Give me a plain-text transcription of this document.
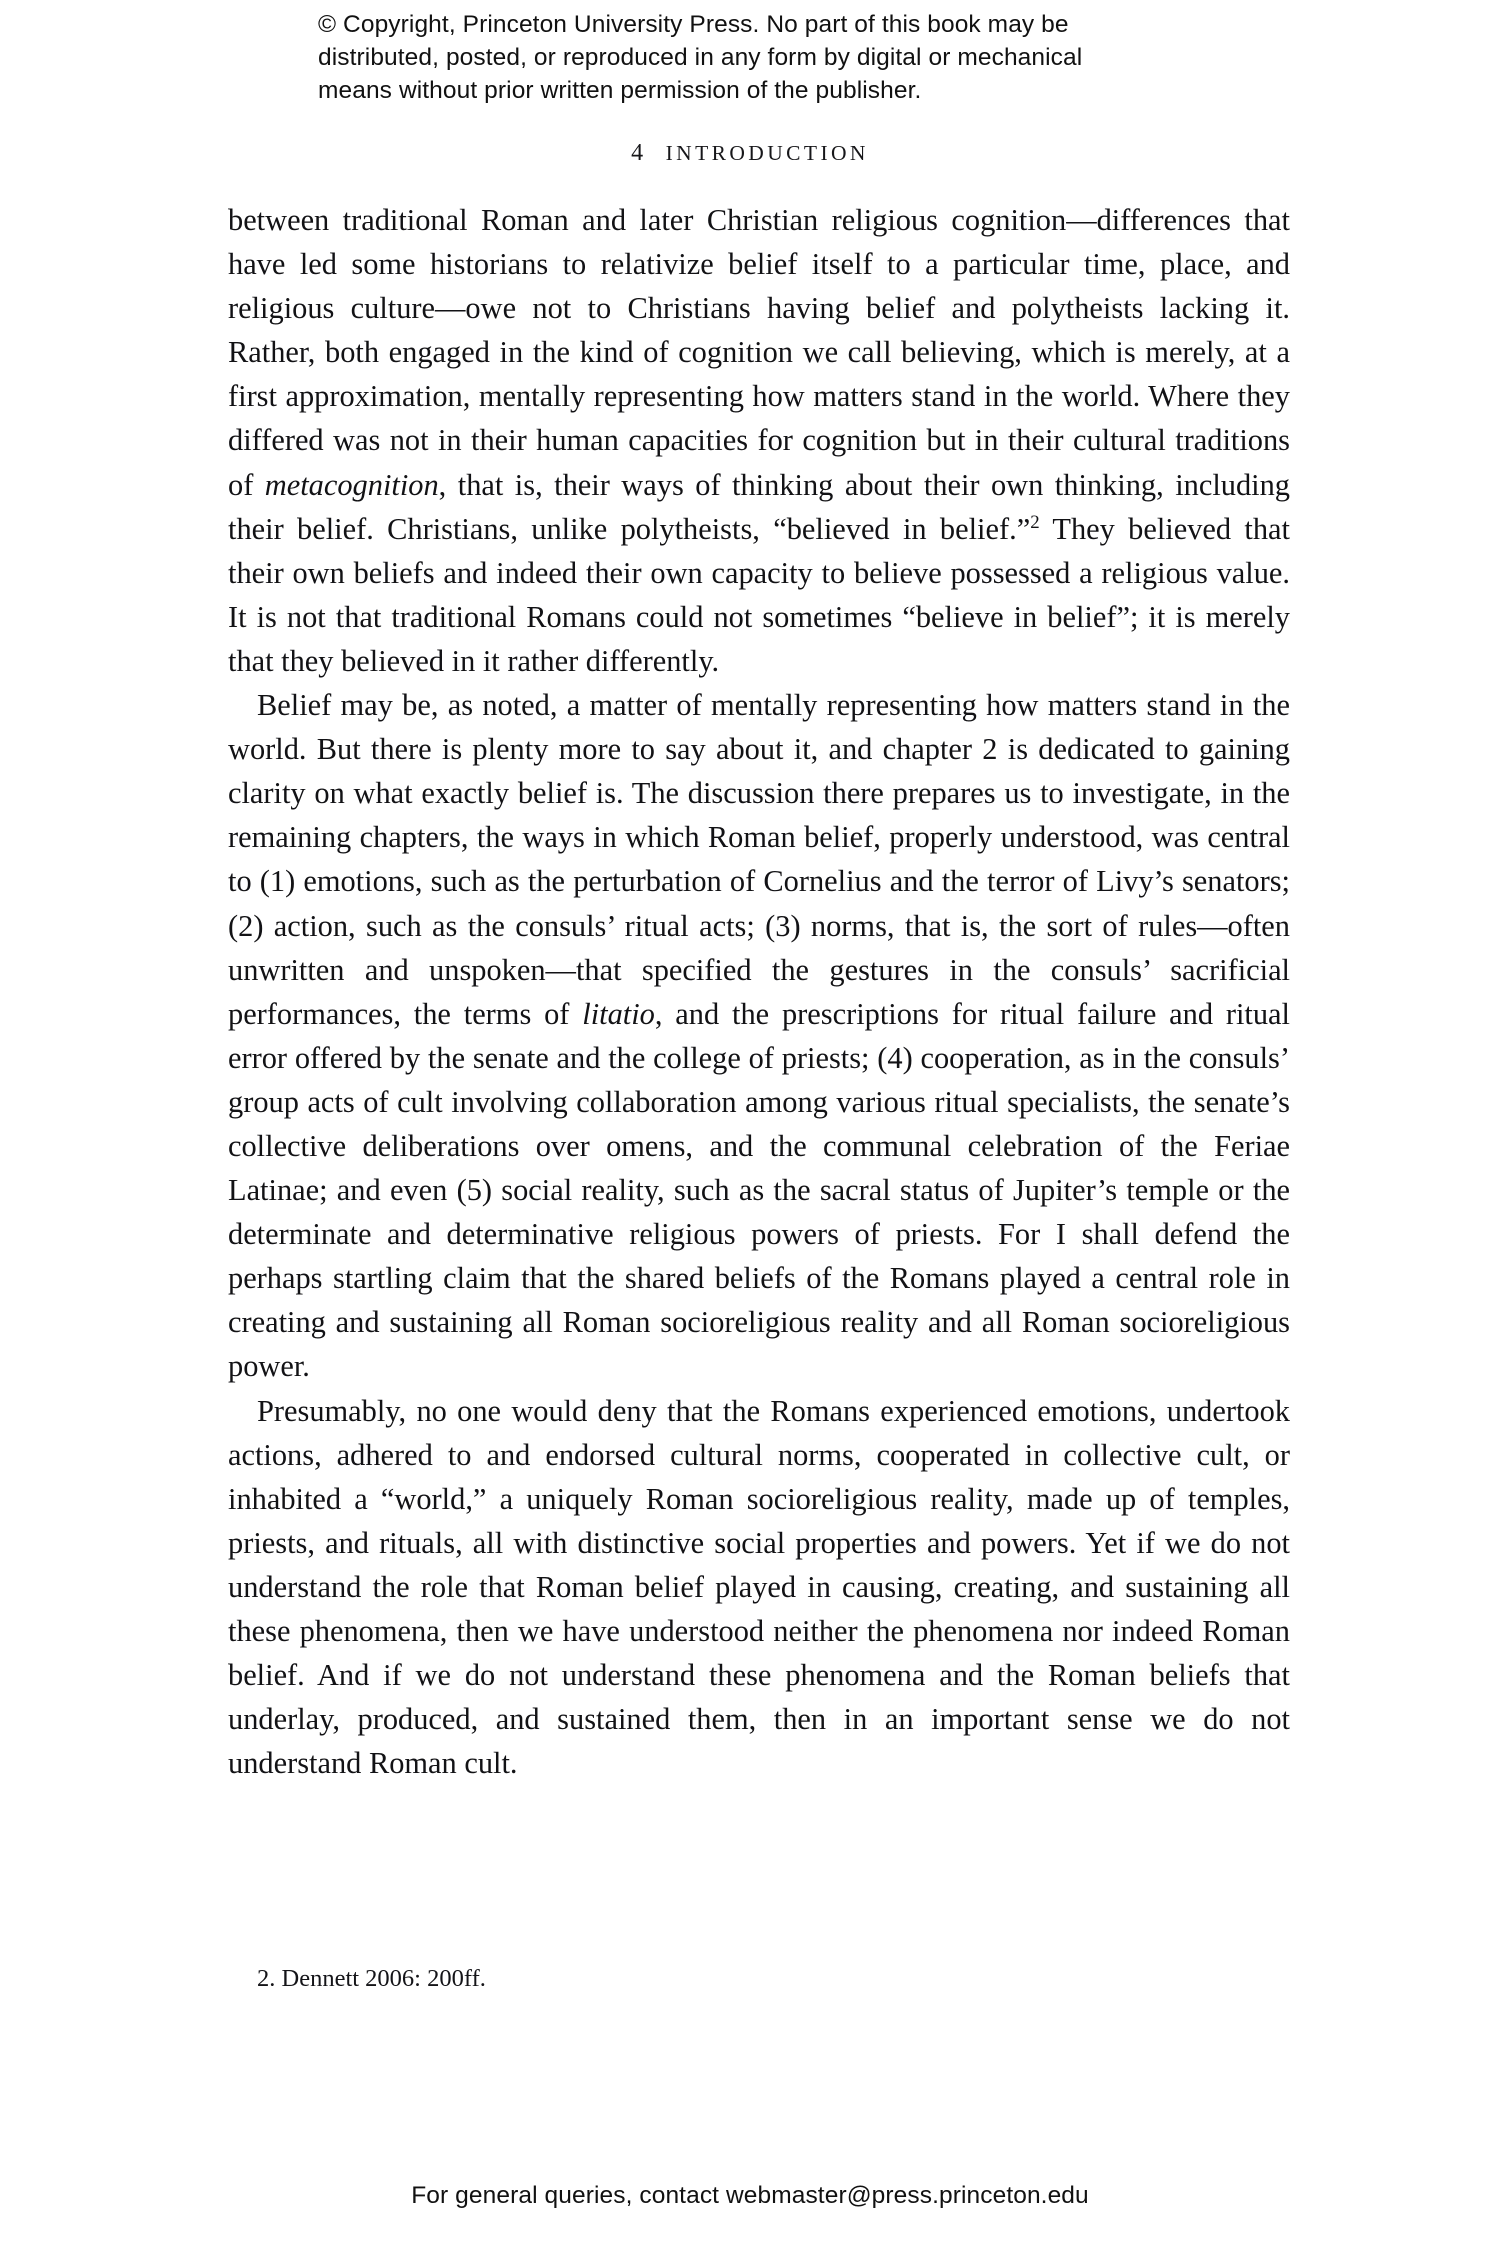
© Copyright, Princeton University Press. No part of this book may be
distributed, posted, or reproduced in any form by digital or mechanical
means without prior written permission of the publisher.
4 INTRODUCTION

between traditional Roman and later Christian religious cognition—differences that have led some historians to relativize belief itself to a particular time, place, and religious culture—owe not to Christians having belief and polytheists lacking it. Rather, both engaged in the kind of cognition we call believing, which is merely, at a first approximation, mentally representing how matters stand in the world. Where they differed was not in their human capacities for cognition but in their cultural traditions of metacognition, that is, their ways of thinking about their own thinking, including their belief. Christians, unlike polytheists, “believed in belief.”$^2$ They believed that their own beliefs and indeed their own capacity to believe possessed a religious value. It is not that traditional Romans could not sometimes “believe in belief”; it is merely that they believed in it rather differently.

Belief may be, as noted, a matter of mentally representing how matters stand in the world. But there is plenty more to say about it, and chapter 2 is dedicated to gaining clarity on what exactly belief is. The discussion there prepares us to investigate, in the remaining chapters, the ways in which Roman belief, properly understood, was central to (1) emotions, such as the perturbation of Cornelius and the terror of Livy’s senators; (2) action, such as the consuls’ ritual acts; (3) norms, that is, the sort of rules—often unwritten and unspoken—that specified the gestures in the consuls’ sacrificial performances, the terms of litatio, and the prescriptions for ritual failure and ritual error offered by the senate and the college of priests; (4) cooperation, as in the consuls’ group acts of cult involving collaboration among various ritual specialists, the senate’s collective deliberations over omens, and the communal celebration of the Feriae Latinae; and even (5) social reality, such as the sacral status of Jupiter’s temple or the determinate and determinative religious powers of priests. For I shall defend the perhaps startling claim that the shared beliefs of the Romans played a central role in creating and sustaining all Roman socioreligious reality and all Roman socioreligious power.

Presumably, no one would deny that the Romans experienced emotions, undertook actions, adhered to and endorsed cultural norms, cooperated in collective cult, or inhabited a “world,” a uniquely Roman socioreligious reality, made up of temples, priests, and rituals, all with distinctive social properties and powers. Yet if we do not understand the role that Roman belief played in causing, creating, and sustaining all these phenomena, then we have understood neither the phenomena nor indeed Roman belief. And if we do not understand these phenomena and the Roman beliefs that underlay, produced, and sustained them, then in an important sense we do not understand Roman cult.

2. Dennett 2006: 200ff.
For general queries, contact webmaster@press.princeton.edu
